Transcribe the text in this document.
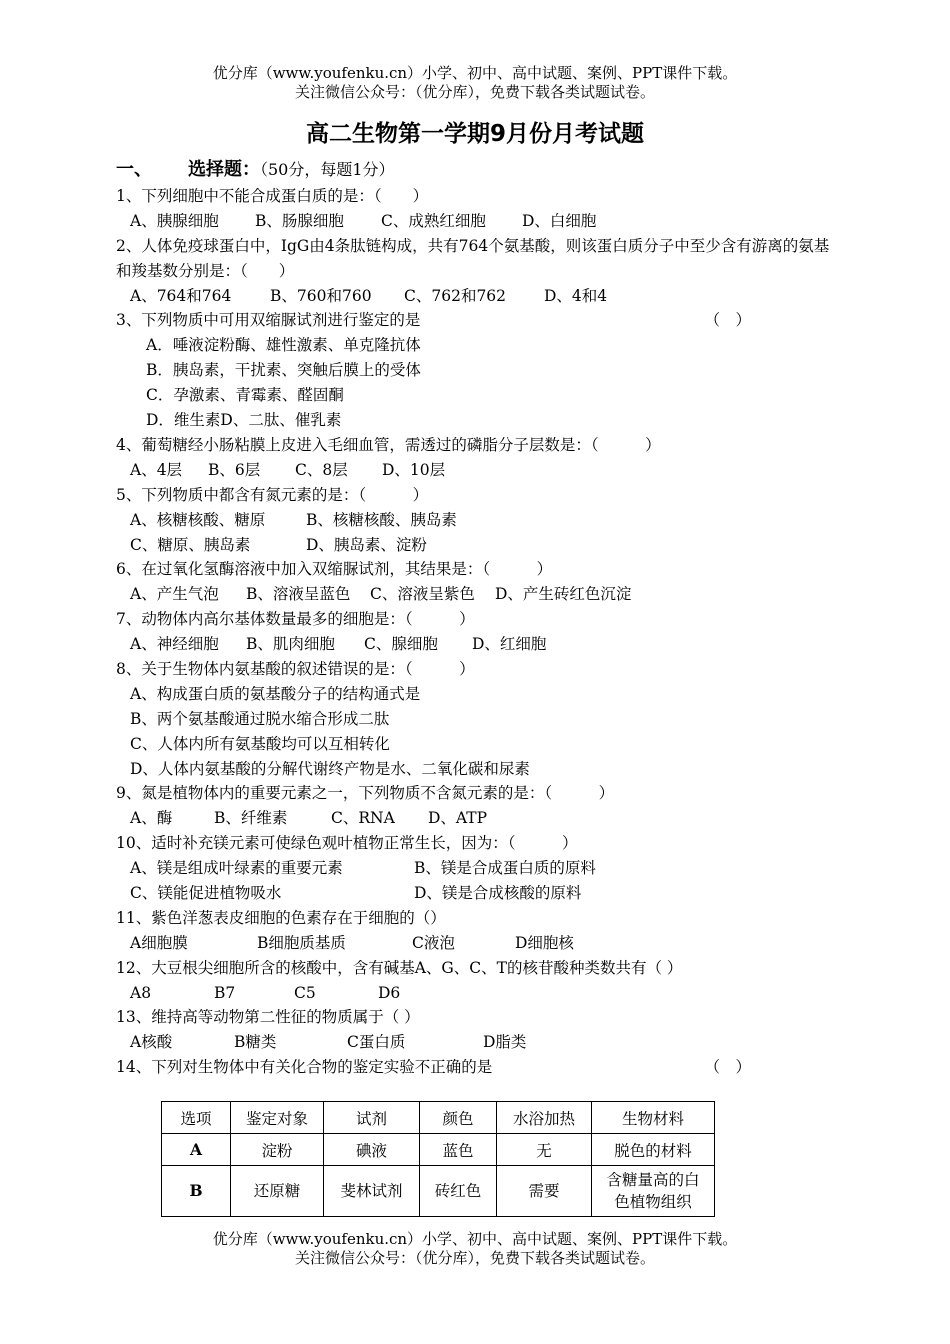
优分库（www.youfenku.cn）小学、初中、高中试题、案例、PPT课件下载。
关注微信公众号：（优分库），免费下载各类试题试卷。
高二生物第一学期9月份月考试题
一、 选择题：（50分，每题1分）
1、下列细胞中不能合成蛋白质的是：（　　）
A、胰腺细胞 B、肠腺细胞 C、成熟红细胞 D、白细胞
2、人体免疫球蛋白中，IgG由4条肽链构成，共有764个氨基酸，则该蛋白质分子中至少含有游离的氨基和羧基数分别是：（　　）
A、764和764 B、760和760 C、762和762 D、4和4
3、下列物质中可用双缩脲试剂进行鉴定的是	（　）
A．唾液淀粉酶、雄性激素、单克隆抗体
B．胰岛素，干扰素、突触后膜上的受体
C．孕激素、青霉素、醛固酮
D．维生素D、二肽、催乳素
4、葡萄糖经小肠粘膜上皮进入毛细血管，需透过的磷脂分子层数是：（　　　）
A、4层 B、6层 C、8层 D、10层
5、下列物质中都含有氮元素的是：（　　　）
A、核糖核酸、糖原	B、核糖核酸、胰岛素
C、糖原、胰岛素	D、胰岛素、淀粉
6、在过氧化氢酶溶液中加入双缩脲试剂，其结果是：（　　　）
A、产生气泡 B、溶液呈蓝色 C、溶液呈紫色 D、产生砖红色沉淀
7、动物体内高尔基体数量最多的细胞是：（　　　）
A、神经细胞 B、肌肉细胞 C、腺细胞 D、红细胞
8、关于生物体内氨基酸的叙述错误的是：（　　　）
A、构成蛋白质的氨基酸分子的结构通式是
B、两个氨基酸通过脱水缩合形成二肽
C、人体内所有氨基酸均可以互相转化
D、人体内氨基酸的分解代谢终产物是水、二氧化碳和尿素
9、氮是植物体内的重要元素之一，下列物质不含氮元素的是：（　　　）
A、酶	B、纤维素	C、RNA D、ATP
10、适时补充镁元素可使绿色观叶植物正常生长，因为：（　　　）
A、镁是组成叶绿素的重要元素	B、镁是合成蛋白质的原料
C、镁能促进植物吸水	D、镁是合成核酸的原料
11、紫色洋葱表皮细胞的色素存在于细胞的（）
A细胞膜	B细胞质基质	C液泡	D细胞核
12、大豆根尖细胞所含的核酸中，含有碱基A、G、C、T的核苷酸种类数共有（ ）
A8	B7	C5	D6
13、维持高等动物第二性征的物质属于（ ）
A核酸	B糖类	C蛋白质	D脂类
14、下列对生物体中有关化合物的鉴定实验不正确的是	（　）
选项	鉴定对象	试剂	颜色	水浴加热	生物材料
A	淀粉	碘液	蓝色	无	脱色的材料
B	还原糖	斐林试剂	砖红色	需要	含糖量高的白色植物组织
优分库（www.youfenku.cn）小学、初中、高中试题、案例、PPT课件下载。
关注微信公众号：（优分库），免费下载各类试题试卷。
